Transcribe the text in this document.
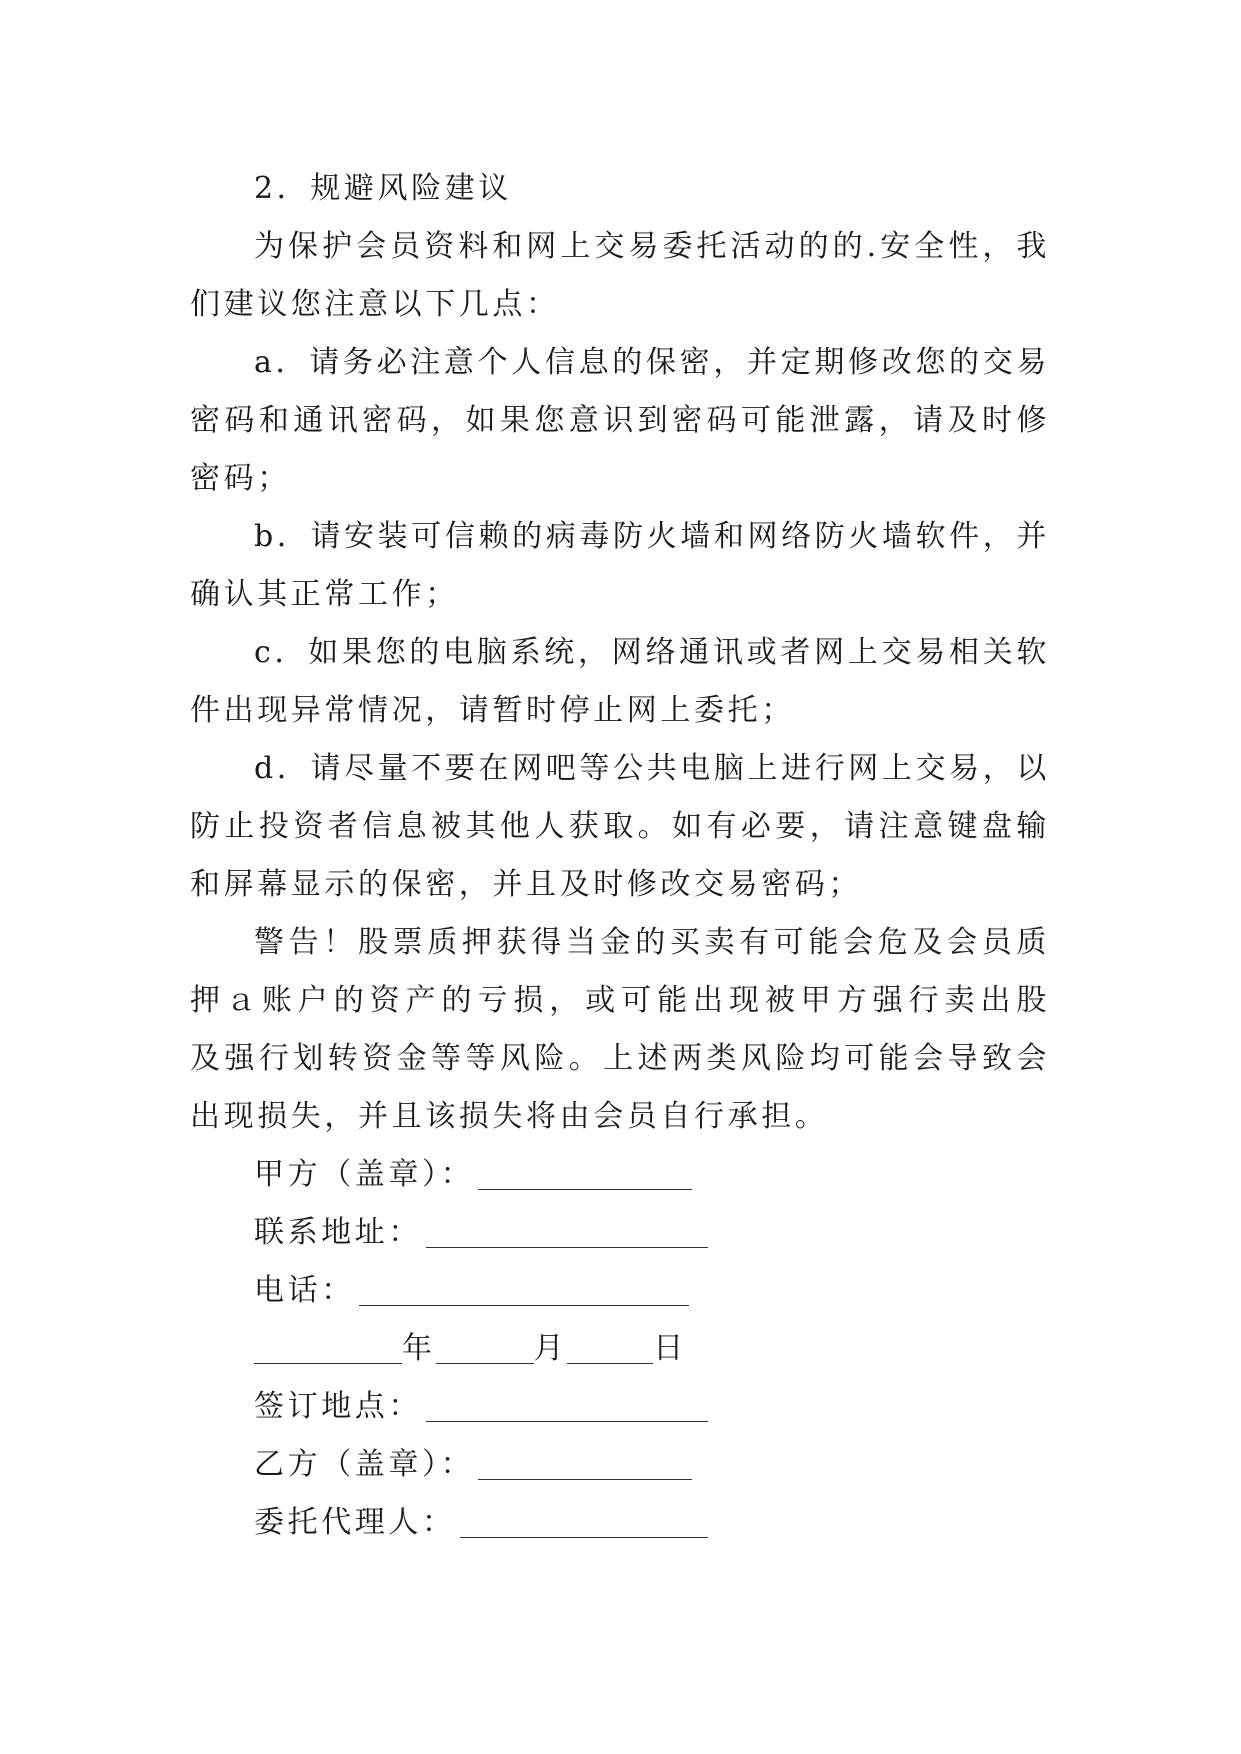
2．规避风险建议
为保护会员资料和网上交易委托活动的的.安全性，我
们建议您注意以下几点：
a．请务必注意个人信息的保密，并定期修改您的交易
密码和通讯密码，如果您意识到密码可能泄露，请及时修
密码；
b．请安装可信赖的病毒防火墙和网络防火墙软件，并
确认其正常工作；
c．如果您的电脑系统，网络通讯或者网上交易相关软
件出现异常情况，请暂时停止网上委托；
d．请尽量不要在网吧等公共电脑上进行网上交易，以
防止投资者信息被其他人获取。如有必要，请注意键盘输
和屏幕显示的保密，并且及时修改交易密码；
警告！股票质押获得当金的买卖有可能会危及会员质
押ａ账户的资产的亏损，或可能出现被甲方强行卖出股
及强行划转资金等等风险。上述两类风险均可能会导致会
出现损失，并且该损失将由会员自行承担。
甲方（盖章）：
联系地址：
电话：
年	月	日
签订地点：
乙方（盖章）：
委托代理人：
